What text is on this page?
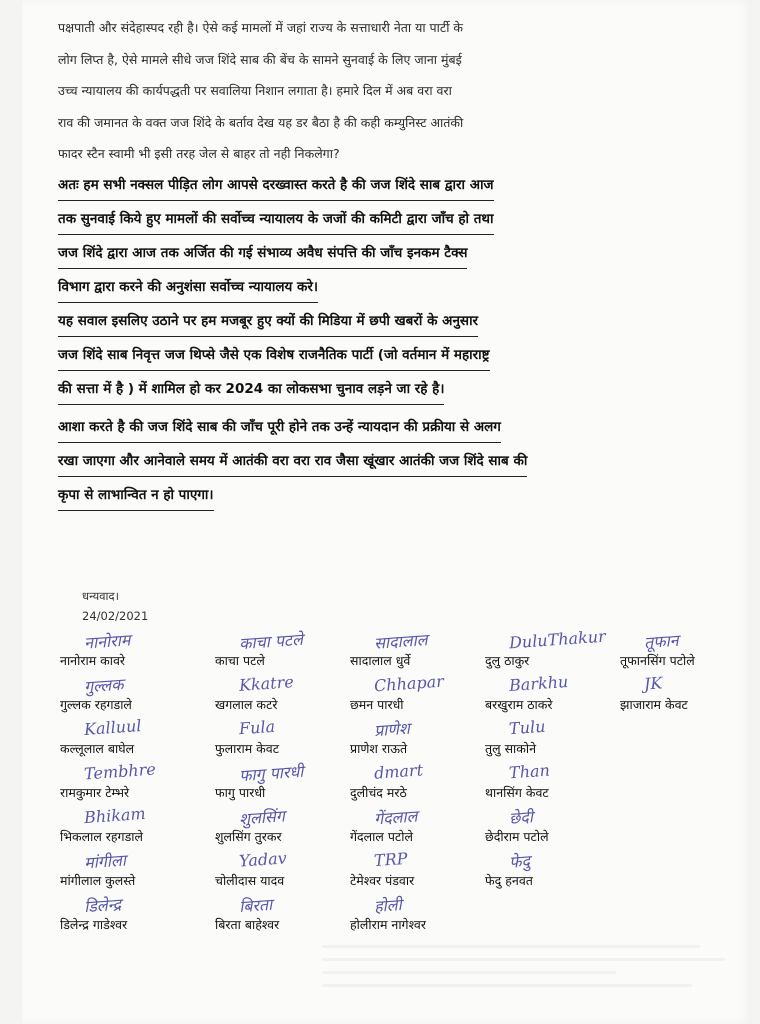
पक्षपाती और संदेहास्पद रही है। ऐसे कई मामलों में जहां राज्य के सत्ताधारी नेता या पार्टी के
लोग लिप्त है, ऐसे मामले सीधे जज शिंदे साब की बेंच के सामने सुनवाई के लिए जाना मुंबई
उच्च न्यायालय की कार्यपद्धती पर सवालिया निशान लगाता है। हमारे दिल में अब वरा वरा
राव की जमानत के वक्त जज शिंदे के बर्ताव देख यह डर बैठा है की कही कम्युनिस्ट आतंकी
फादर स्टैन स्वामी भी इसी तरह जेल से बाहर तो नही निकलेगा?
अतः हम सभी नक्सल पीड़ित लोग आपसे दरख्वास्त करते है की जज शिंदे साब द्वारा आज
तक सुनवाई किये हुए मामलों की सर्वोच्च न्यायालय के जजों की कमिटी द्वारा जाँच हो तथा
जज शिंदे द्वारा आज तक अर्जित की गई संभाव्य अवैध संपत्ति की जाँच इनकम टैक्स
विभाग द्वारा करने की अनुशंसा सर्वोच्च न्यायालय करे।
यह सवाल इसलिए उठाने पर हम मजबूर हुए क्यों की मिडिया में छपी खबरों के अनुसार
जज शिंदे साब निवृत्त जज थिप्से जैसे एक विशेष राजनैतिक पार्टी (जो वर्तमान में महाराष्ट्र
की सत्ता में है ) में शामिल हो कर 2024 का लोकसभा चुनाव लड़ने जा रहे है।
आशा करते है की जज शिंदे साब की जाँच पूरी होने तक उन्हें न्यायदान की प्रक्रीया से अलग
रखा जाएगा और आनेवाले समय में आतंकी वरा वरा राव जैसा खूंखार आतंकी जज शिंदे साब की
कृपा से लाभान्वित न हो पाएगा।
धन्यवाद।
24/02/2021
नानोराम
नानोराम कावरे
काचा पटले
काचा पटले
सादालाल
सादालाल धुर्वे
DuluThakur
दुलु ठाकुर
तूफान
तूफानसिंग पटोले
गुल्लक
गुल्लक रहगडाले
Kkatre
खगलाल कटरे
Chhapar
छमन पारधी
Barkhu
बरखुराम ठाकरे
JK
झाजाराम केवट
Kalluul
कल्लूलाल बाघेल
Fula
फुलाराम केवट
प्राणेश
प्राणेश राऊते
Tulu
तुलु साकोने
Tembhre
रामकुमार टेम्भरे
फागु पारधी
फागु पारधी
dmart
दुलीचंद मरठे
Than
थानसिंग केवट
Bhikam
भिकलाल रहगडाले
शुलसिंग
शुलसिंग तुरकर
गेंदलाल
गेंदलाल पटोले
छेदी
छेदीराम पटोले
मांगीला
मांगीलाल कुलस्ते
Yadav
चोलीदास यादव
TRP
टेमेश्वर पंडवार
फेदु
फेदु हनवत
डिलेन्द्र
डिलेन्द्र गाडेश्वर
बिरता
बिरता बाहेश्वर
होली
होलीराम नागेश्वर
